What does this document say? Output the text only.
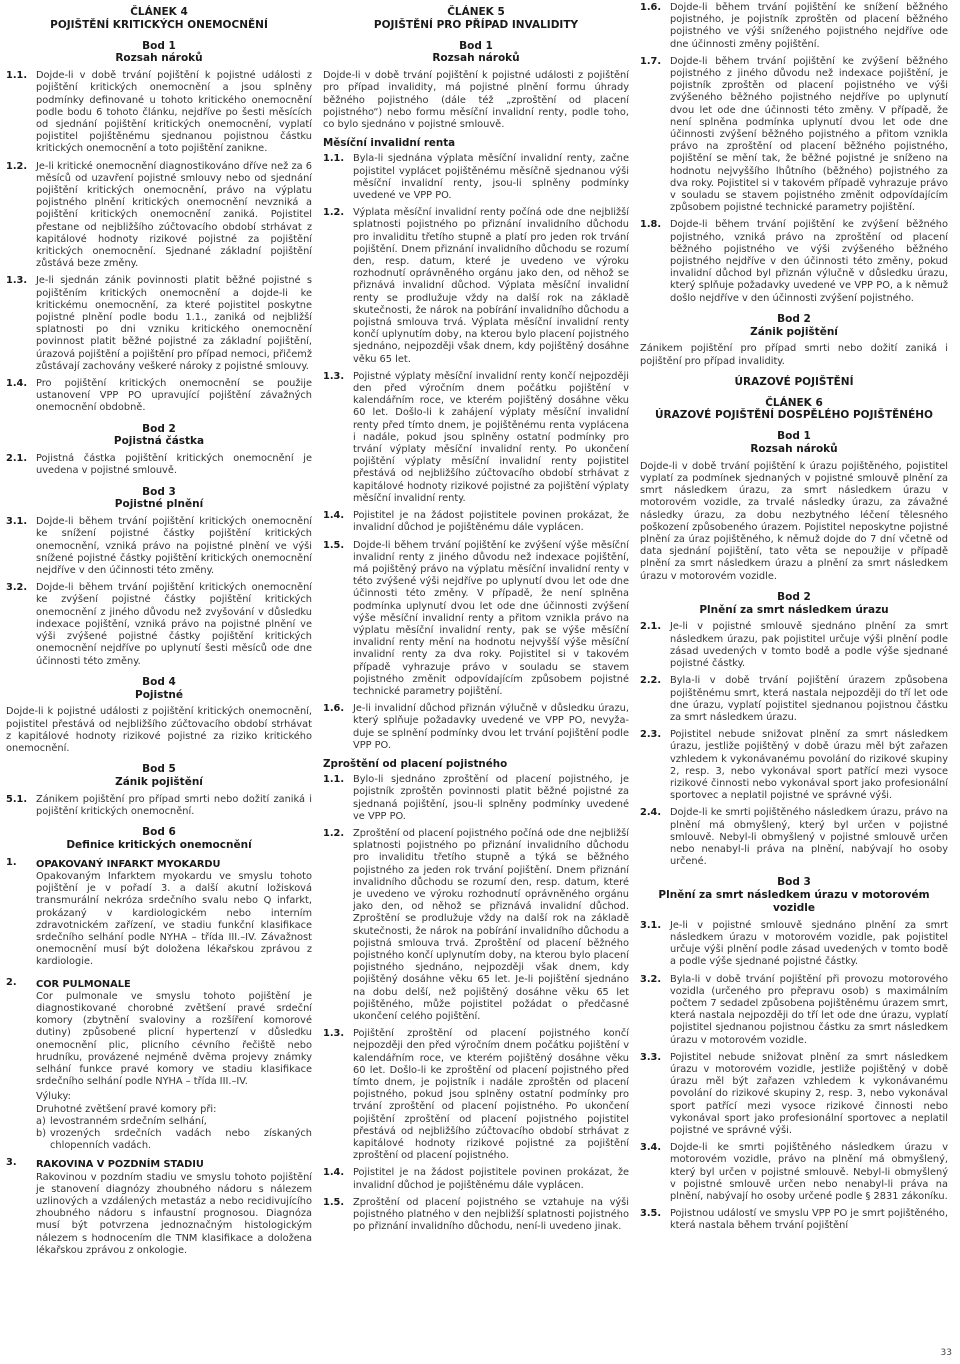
ČLÁNEK 4
POJIŠTĚNÍ KRITICKÝCH ONEMOCNĚNÍ
Bod 1
Rozsah nároků
1.1. Dojde-li v době trvání pojištění k pojistné události z pojištění kritických onemocnění a jsou splněny podmínky definované u tohoto kritického onemocnění podle bodu 6 tohoto článku, nejdříve po šesti měsících od sjednání pojištění kritických onemocnění, vyplatí pojistitel pojištěnému sjednanou pojistnou částku kritických onemocnění a toto pojištění zanikne.
1.2. Je-li kritické onemocnění diagnostikováno dříve než za 6 měsíců od uzavření pojistné smlouvy nebo od sjednání pojištění kritických onemocnění, právo na výplatu pojistného plnění kritických onemocnění nevzniká a pojištění kritických onemocnění zaniká. Pojistitel přestane od nejbližšího zúčtovacího období strhávat z kapitálové hodnoty rizikové pojistné za pojištění kritických onemocnění. Sjednané základní pojištění zůstává beze změny.
1.3. Je-li sjednán zánik povinnosti platit běžné pojistné s pojištěním kritických onemocnění a dojde-li ke kritickému onemocnění, za které pojistitel poskytne pojistné plnění podle bodu 1.1., zaniká od nejbližší splatnosti po dni vzniku kritického onemocnění povinnost platit běžné pojistné za základní pojištění, úrazová pojištění a pojištění pro případ nemoci, přičemž zůstávají zachovány veškeré nároky z pojistné smlouvy.
1.4. Pro pojištění kritických onemocnění se použije ustanovení VPP PO upravující pojištění závažných onemocnění obdobně.
Bod 2
Pojistná částka
2.1. Pojistná částka pojištění kritických onemocnění je uvedena v pojistné smlouvě.
Bod 3
Pojistné plnění
3.1. Dojde-li během trvání pojištění kritických onemocnění ke snížení pojistné částky pojištění kritických onemocnění, vzniká právo na pojistné plnění ve výši snížené pojistné částky pojištění kritických onemocnění nejdříve v den účinnosti této změny.
3.2. Dojde-li během trvání pojištění kritických onemocnění ke zvýšení pojistné částky pojištění kritických onemocnění z jiného důvodu než zvyšování v důsledku indexace pojištění, vzniká právo na pojistné plnění ve výši zvýšené pojistné částky pojištění kritických onemocnění nejdříve po uplynutí šesti měsíců ode dne účinnosti této změny.
Bod 4
Pojistné

Dojde-li k pojistné události z pojištění kritických onemocnění, pojistitel přestává od nejbližšího zúčtovacího období strhávat z kapitálové hodnoty rizikové pojistné za riziko kritického onemocnění.

Bod 5
Zánik pojištění
5.1. Zánikem pojištění pro případ smrti nebo dožití zaniká i pojištění kritických onemocnění.
Bod 6
Definice kritických onemocnění
1.	OPAKOVANÝ INFARKT MYOKARDU

Opakovaným Infarktem myokardu ve smyslu tohoto pojištění je v pořadí 3. a další akutní ložisková transmurální nekróza srdečního svalu nebo Q infarkt, prokázaný v kardiologickém nebo interním zdravotnickém zařízení, ve stadiu funkční klasifikace srdečního selhání podle NYHA – třída III.–IV. Závažnost onemocnění musí být doložena lékařskou zprávou z kardiologie.

2.	COR PULMONALE

Cor pulmonale ve smyslu tohoto pojištění je diagnostikované chorobné zvětšení pravé srdeční komory (zbytnění svaloviny a rozšíření komorové dutiny) způsobené plicní hypertenzí v důsledku onemocnění plic, plicního cévního řečiště nebo hrudníku, provázené nejméně dvěma projevy známky selhání funkce pravé komory ve stadiu klasifikace srdečního selhání podle NYHA – třída III.–IV.

Výluky:
Druhotné zvětšení pravé komory při:
a) levostranném srdečním selhání,
b) vrozených srdečních vadách nebo získaných chlopenních vadách.
3.	RAKOVINA V POZDNÍM STADIU

Rakovinou v pozdním stadiu ve smyslu tohoto pojištění je stanovení diagnózy zhoubného nádoru s nálezem uzlinových a vzdálených metastáz a nebo recidivujícího zhoubného nádoru s infaustní prognosou. Diagnóza musí být potvrzena jednoznačným histologickým nálezem s hodnocením dle TNM klasifikace a doložena lékařskou zprávou z onkologie.

ČLÁNEK 5
POJIŠTĚNÍ PRO PŘÍPAD INVALIDITY
Bod 1
Rozsah nároků

Dojde-li v době trvání pojištění k pojistné události z pojištění pro případ invalidity, má pojistné plnění formu úhrady běžného pojistného (dále též „zproštění od placení pojistného“) nebo formu měsíční invalidní renty, podle toho, co bylo sjednáno v pojistné smlouvě.

Měsíční invalidní renta
1.1. Byla-li sjednána výplata měsíční invalidní renty, začne pojistitel vyplácet pojištěnému měsíčně sjednanou výši měsíční invalidní renty, jsou-li splněny podmínky uvedené ve VPP PO.
1.2. Výplata měsíční invalidní renty počíná ode dne nejbližší splatnosti pojistného po přiznání invalidního důchodu pro invaliditu třetího stupně a platí pro jeden rok trvání pojištění. Dnem přiznání invalidního důchodu se rozumí den, resp. datum, které je uvedeno ve výroku rozhodnutí oprávněného orgánu jako den, od něhož se přiznává invalidní důchod. Výplata měsíční invalidní renty se prodlužuje vždy na další rok na základě skutečnosti, že nárok na pobírání invalidního důchodu a pojistná smlouva trvá. Výplata měsíční invalidní renty končí uplynutím doby, na kterou bylo placení pojistného sjednáno, nejpozději však dnem, kdy pojištěný dosáhne věku 65 let.
1.3. Pojistné výplaty měsíční invalidní renty končí nejpozději den před výročním dnem počátku pojištění v kalendářním roce, ve kterém pojištěný dosáhne věku 60 let. Došlo-li k zahájení výplaty měsíční invalidní renty před tímto dnem, je pojištěnému renta vyplácena i nadále, pokud jsou splněny ostatní podmínky pro trvání výplaty měsíční invalidní renty. Po ukončení pojištění výplaty měsíční invalidní renty pojistitel přestává od nejbližšího zúčtovacího období strhávat z kapitálové hodnoty rizikové pojistné za pojištění výplaty měsíční invalidní renty.
1.4. Pojistitel je na žádost pojistitele povinen prokázat, že invalidní důchod je pojištěnému dále vyplácen.
1.5. Dojde-li během trvání pojištění ke zvýšení výše měsíční invalidní renty z jiného důvodu než indexace pojištění, má pojištěný právo na výplatu měsíční invalidní renty v této zvýšené výši nejdříve po uplynutí dvou let ode dne účinnosti této změny. V případě, že není splněna podmínka uplynutí dvou let ode dne účinnosti zvýšení výše měsíční invalidní renty a přitom vznikla právo na výplatu měsíční invalidní renty, pak se výše měsíční invalidní renty mění na hodnotu nejvyšší výše měsíční invalidní renty za dva roky. Pojistitel si v takovém případě vyhrazuje právo v souladu se stavem pojistného změnit odpovídajícím způsobem pojistné technické parametry pojištění.
1.6. Je-li invalidní důchod přiznán výlučně v důsledku úrazu, který splňuje požadavky uvedené ve VPP PO, nevyža-duje se splnění podmínky dvou let trvání pojištění podle VPP PO.
Zproštění od placení pojistného
1.1. Bylo-li sjednáno zproštění od placení pojistného, je pojistník zproštěn povinnosti platit běžné pojistné za sjednaná pojištění, jsou-li splněny podmínky uvedené ve VPP PO.
1.2. Zproštění od placení pojistného počíná ode dne nejbližší splatnosti pojistného po přiznání invalidního důchodu pro invaliditu třetího stupně a týká se běžného pojistného za jeden rok trvání pojištění. Dnem přiznání invalidního důchodu se rozumí den, resp. datum, které je uvedeno ve výroku rozhodnutí oprávněného orgánu jako den, od něhož se přiznává invalidní důchod. Zproštění se prodlužuje vždy na další rok na základě skutečnosti, že nárok na pobírání invalidního důchodu a pojistná smlouva trvá. Zproštění od placení běžného pojistného končí uplynutím doby, na kterou bylo placení pojistného sjednáno, nejpozději však dnem, kdy pojištěný dosáhne věku 65 let. Je-li pojištění sjednáno na dobu delší, než pojištěný dosáhne věku 65 let pojištěného, může pojistitel požádat o předčasné ukončení celého pojištění.
1.3. Pojištění zproštění od placení pojistného končí nejpozději den před výročním dnem počátku pojištění v kalendářním roce, ve kterém pojištěný dosáhne věku 60 let. Došlo-li ke zproštění od placení pojistného před tímto dnem, je pojistník i nadále zproštěn od placení pojistného, pokud jsou splněny ostatní podmínky pro trvání zproštění od placení pojistného. Po ukončení pojištění zproštění od placení pojistného pojistitel přestává od nejbližšího zúčtovacího období strhávat z kapitálové hodnoty rizikové pojistné za pojištění zproštění od placení pojistného.
1.4. Pojistitel je na žádost pojistitele povinen prokázat, že invalidní důchod je pojištěnému dále vyplácen.
1.5. Zproštění od placení pojistného se vztahuje na výši pojistného platného v den nejbližší splatnosti pojistného po přiznání invalidního důchodu, není-li uvedeno jinak.
1.6. Dojde-li během trvání pojištění ke snížení běžného pojistného, je pojistník zproštěn od placení běžného pojistného ve výši sníženého pojistného nejdříve ode dne účinnosti změny pojištění.
1.7. Dojde-li během trvání pojištění ke zvýšení běžného pojistného z jiného důvodu než indexace pojištění, je pojistník zproštěn od placení pojistného ve výši zvýšeného běžného pojistného nejdříve po uplynutí dvou let ode dne účinnosti této změny. V případě, že není splněna podmínka uplynutí dvou let ode dne účinnosti zvýšení běžného pojistného a přitom vznikla právo na zproštění od placení běžného pojistného, pojištění se mění tak, že běžné pojistné je sníženo na hodnotu nejvyššího lhůtního (běžného) pojistného za dva roky. Pojistitel si v takovém případě vyhrazuje právo v souladu se stavem pojistného změnit odpovídajícím způsobem pojistné technické parametry pojištění.
1.8. Dojde-li během trvání pojištění ke zvýšení běžného pojistného, vzniká právo na zproštění od placení běžného pojistného ve výši zvýšeného běžného pojistného nejdříve v den účinnosti této změny, pokud invalidní důchod byl přiznán výlučně v důsledku úrazu, který splňuje požadavky uvedené ve VPP PO, a k němuž došlo nejdříve v den účinnosti zvýšení pojistného.
Bod 2
Zánik pojištění

Zánikem pojištění pro případ smrti nebo dožití zaniká i pojištění pro případ invalidity.

ÚRAZOVÉ POJIŠTĚNÍ
ČLÁNEK 6
ÚRAZOVÉ POJIŠTĚNÍ DOSPĚLÉHO POJIŠTĚNÉHO
Bod 1
Rozsah nároků

Dojde-li v době trvání pojištění k úrazu pojištěného, pojistitel vyplatí za podmínek sjednaných v pojistné smlouvě plnění za smrt následkem úrazu, za smrt následkem úrazu v motorovém vozidle, za trvalé následky úrazu, za závažné následky úrazu, za dobu nezbytného léčení tělesného poškození způsobeného úrazem. Pojistitel neposkytne pojistné plnění za úraz pojištěného, k němuž dojde do 7 dní včetně od data sjednání pojištění, tato věta se nepoužije v případě plnění za smrt následkem úrazu a plnění za smrt následkem úrazu v motorovém vozidle.

Bod 2
Plnění za smrt následkem úrazu
2.1. Je-li v pojistné smlouvě sjednáno plnění za smrt následkem úrazu, pak pojistitel určuje výši plnění podle zásad uvedených v tomto bodě a podle výše sjednané pojistné částky.
2.2. Byla-li v době trvání pojištění úrazem způsobena pojištěnému smrt, která nastala nejpozději do tří let ode dne úrazu, vyplatí pojistitel sjednanou pojistnou částku za smrt následkem úrazu.
2.3. Pojistitel nebude snižovat plnění za smrt následkem úrazu, jestliže pojištěný v době úrazu měl být zařazen vzhledem k vykonávanému povolání do rizikové skupiny 2, resp. 3, nebo vykonával sport patřící mezi vysoce rizikové činnosti nebo vykonával sport jako profesionální sportovec a neplatil pojistné ve správné výši.
2.4. Dojde-li ke smrti pojištěného následkem úrazu, právo na plnění má obmyšlený, který byl určen v pojistné smlouvě. Nebyl-li obmyšlený v pojistné smlouvě určen nebo nenabyl-li práva na plnění, nabývají ho osoby určené.
Bod 3
Plnění za smrt následkem úrazu v motorovém vozidle
3.1. Je-li v pojistné smlouvě sjednáno plnění za smrt následkem úrazu v motorovém vozidle, pak pojistitel určuje výši plnění podle zásad uvedených v tomto bodě a podle výše sjednané pojistné částky.
3.2. Byla-li v době trvání pojištění při provozu motorového vozidla (určeného pro přepravu osob) s maximálním počtem 7 sedadel způsobena pojištěnému úrazem smrt, která nastala nejpozději do tří let ode dne úrazu, vyplatí pojistitel sjednanou pojistnou částku za smrt následkem úrazu v motorovém vozidle.
3.3. Pojistitel nebude snižovat plnění za smrt následkem úrazu v motorovém vozidle, jestliže pojištěný v době úrazu měl být zařazen vzhledem k vykonávanému povolání do rizikové skupiny 2, resp. 3, nebo vykonával sport patřící mezi vysoce rizikové činnosti nebo vykonával sport jako profesionální sportovec a neplatil pojistné ve správné výši.
3.4. Dojde-li ke smrti pojištěného následkem úrazu v motorovém vozidle, právo na plnění má obmyšlený, který byl určen v pojistné smlouvě. Nebyl-li obmyšlený v pojistné smlouvě určen nebo nenabyl-li práva na plnění, nabývají ho osoby určené podle § 2831 zákoníku.
3.5. Pojistnou událostí ve smyslu VPP PO je smrt pojištěného, která nastala během trvání pojištění
33
